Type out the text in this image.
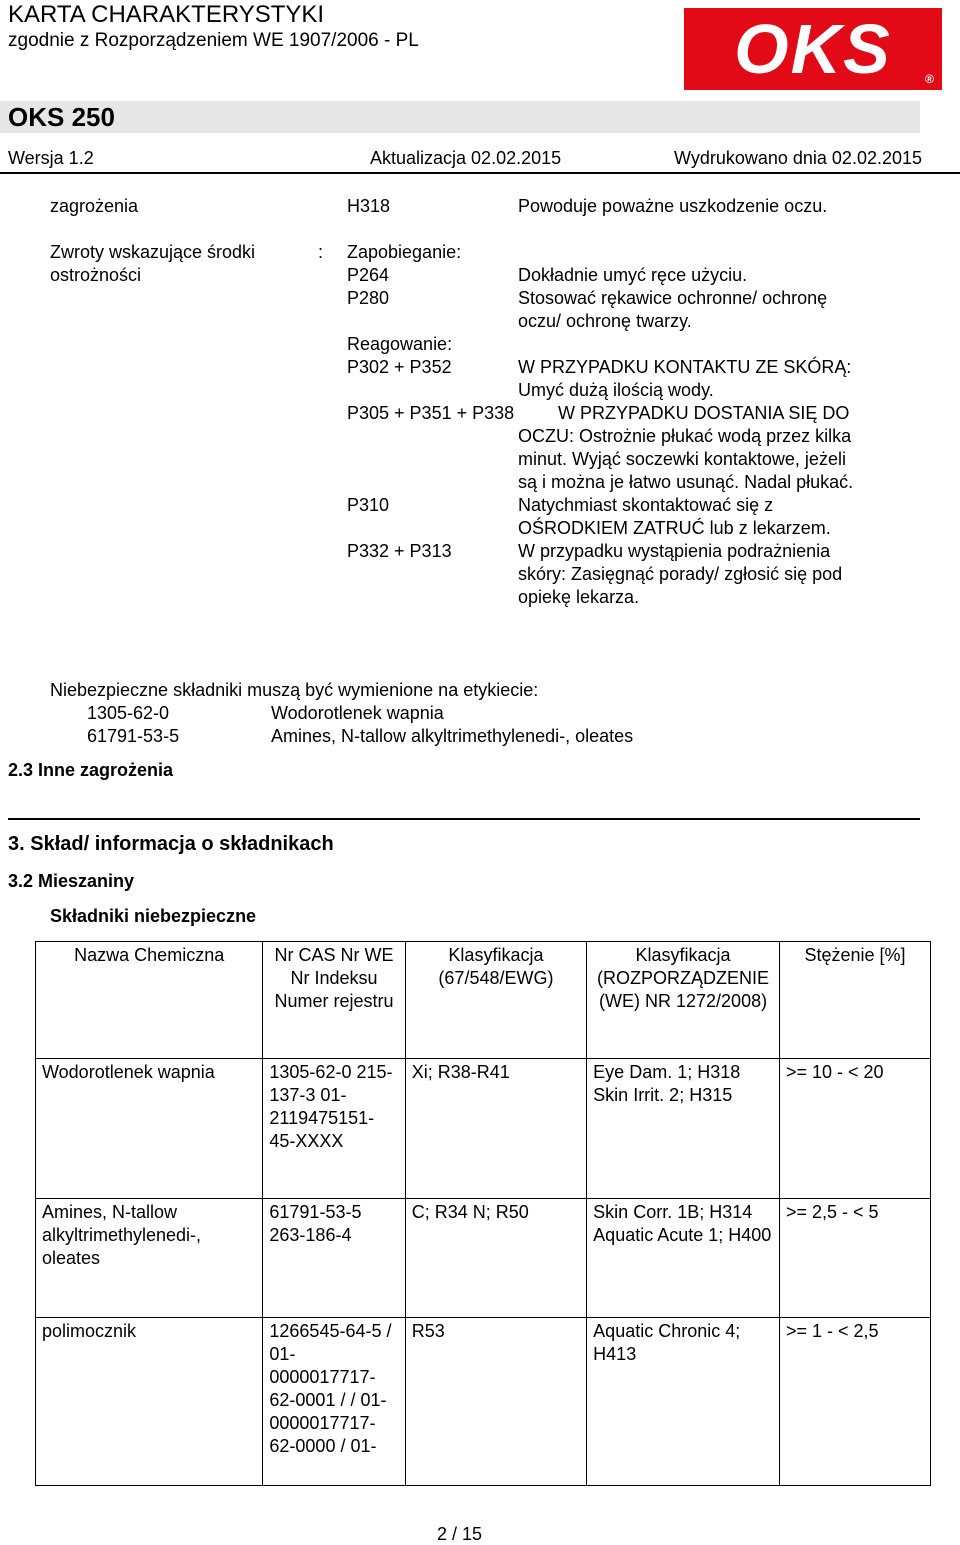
KARTA CHARAKTERYSTYKI
zgodnie z Rozporządzeniem WE 1907/2006 - PL	OKS	®
OKS 250
Wersja 1.2	Aktualizacja 02.02.2015	Wydrukowano dnia 02.02.2015
zagrożenia	H318	Powoduje poważne uszkodzenie oczu.
Zwroty wskazujące środki
ostrożności
: Zapobieganie:
P264	Dokładnie umyć ręce użyciu.
P280	Stosować rękawice ochronne/ ochronę
oczu/ ochronę twarzy.
Reagowanie:
P302 + P352	W PRZYPADKU KONTAKTU ZE SKÓRĄ:
Umyć dużą ilością wody.
P305 + P351 + P338 W PRZYPADKU DOSTANIA SIĘ DO
OCZU: Ostrożnie płukać wodą przez kilka
minut. Wyjąć soczewki kontaktowe, jeżeli
są i można je łatwo usunąć. Nadal płukać.
P310	Natychmiast skontaktować się z
OŚRODKIEM ZATRUĆ lub z lekarzem.
P332 + P313	W przypadku wystąpienia podrażnienia
skóry: Zasięgnąć porady/ zgłosić się pod
opiekę lekarza.
Niebezpieczne składniki muszą być wymienione na etykiecie:
1305-62-0	Wodorotlenek wapnia
61791-53-5	Amines, N-tallow alkyltrimethylenedi-, oleates
2.3 Inne zagrożenia
3. Skład/ informacja o składnikach
3.2 Mieszaniny
Składniki niebezpieczne
Nazwa Chemiczna	Nr CAS Nr WE Nr Indeksu Numer rejestru	Klasyfikacja (67/548/EWG)	Klasyfikacja (ROZPORZĄDZENIE (WE) NR 1272/2008)	Stężenie [%]
Wodorotlenek wapnia	1305-62-0 215-137-3 01-2119475151-45-XXXX	Xi; R38-R41	Eye Dam. 1; H318 Skin Irrit. 2; H315	>= 10 - < 20
Amines, N-tallow alkyltrimethylenedi-, oleates	61791-53-5 263-186-4	C; R34 N; R50	Skin Corr. 1B; H314 Aquatic Acute 1; H400	>= 2,5 - < 5
polimocznik	1266545-64-5 / 01-0000017717-62-0001 / / 01-0000017717-62-0000 / 01-	R53	Aquatic Chronic 4; H413	>= 1 - < 2,5
2 / 15
